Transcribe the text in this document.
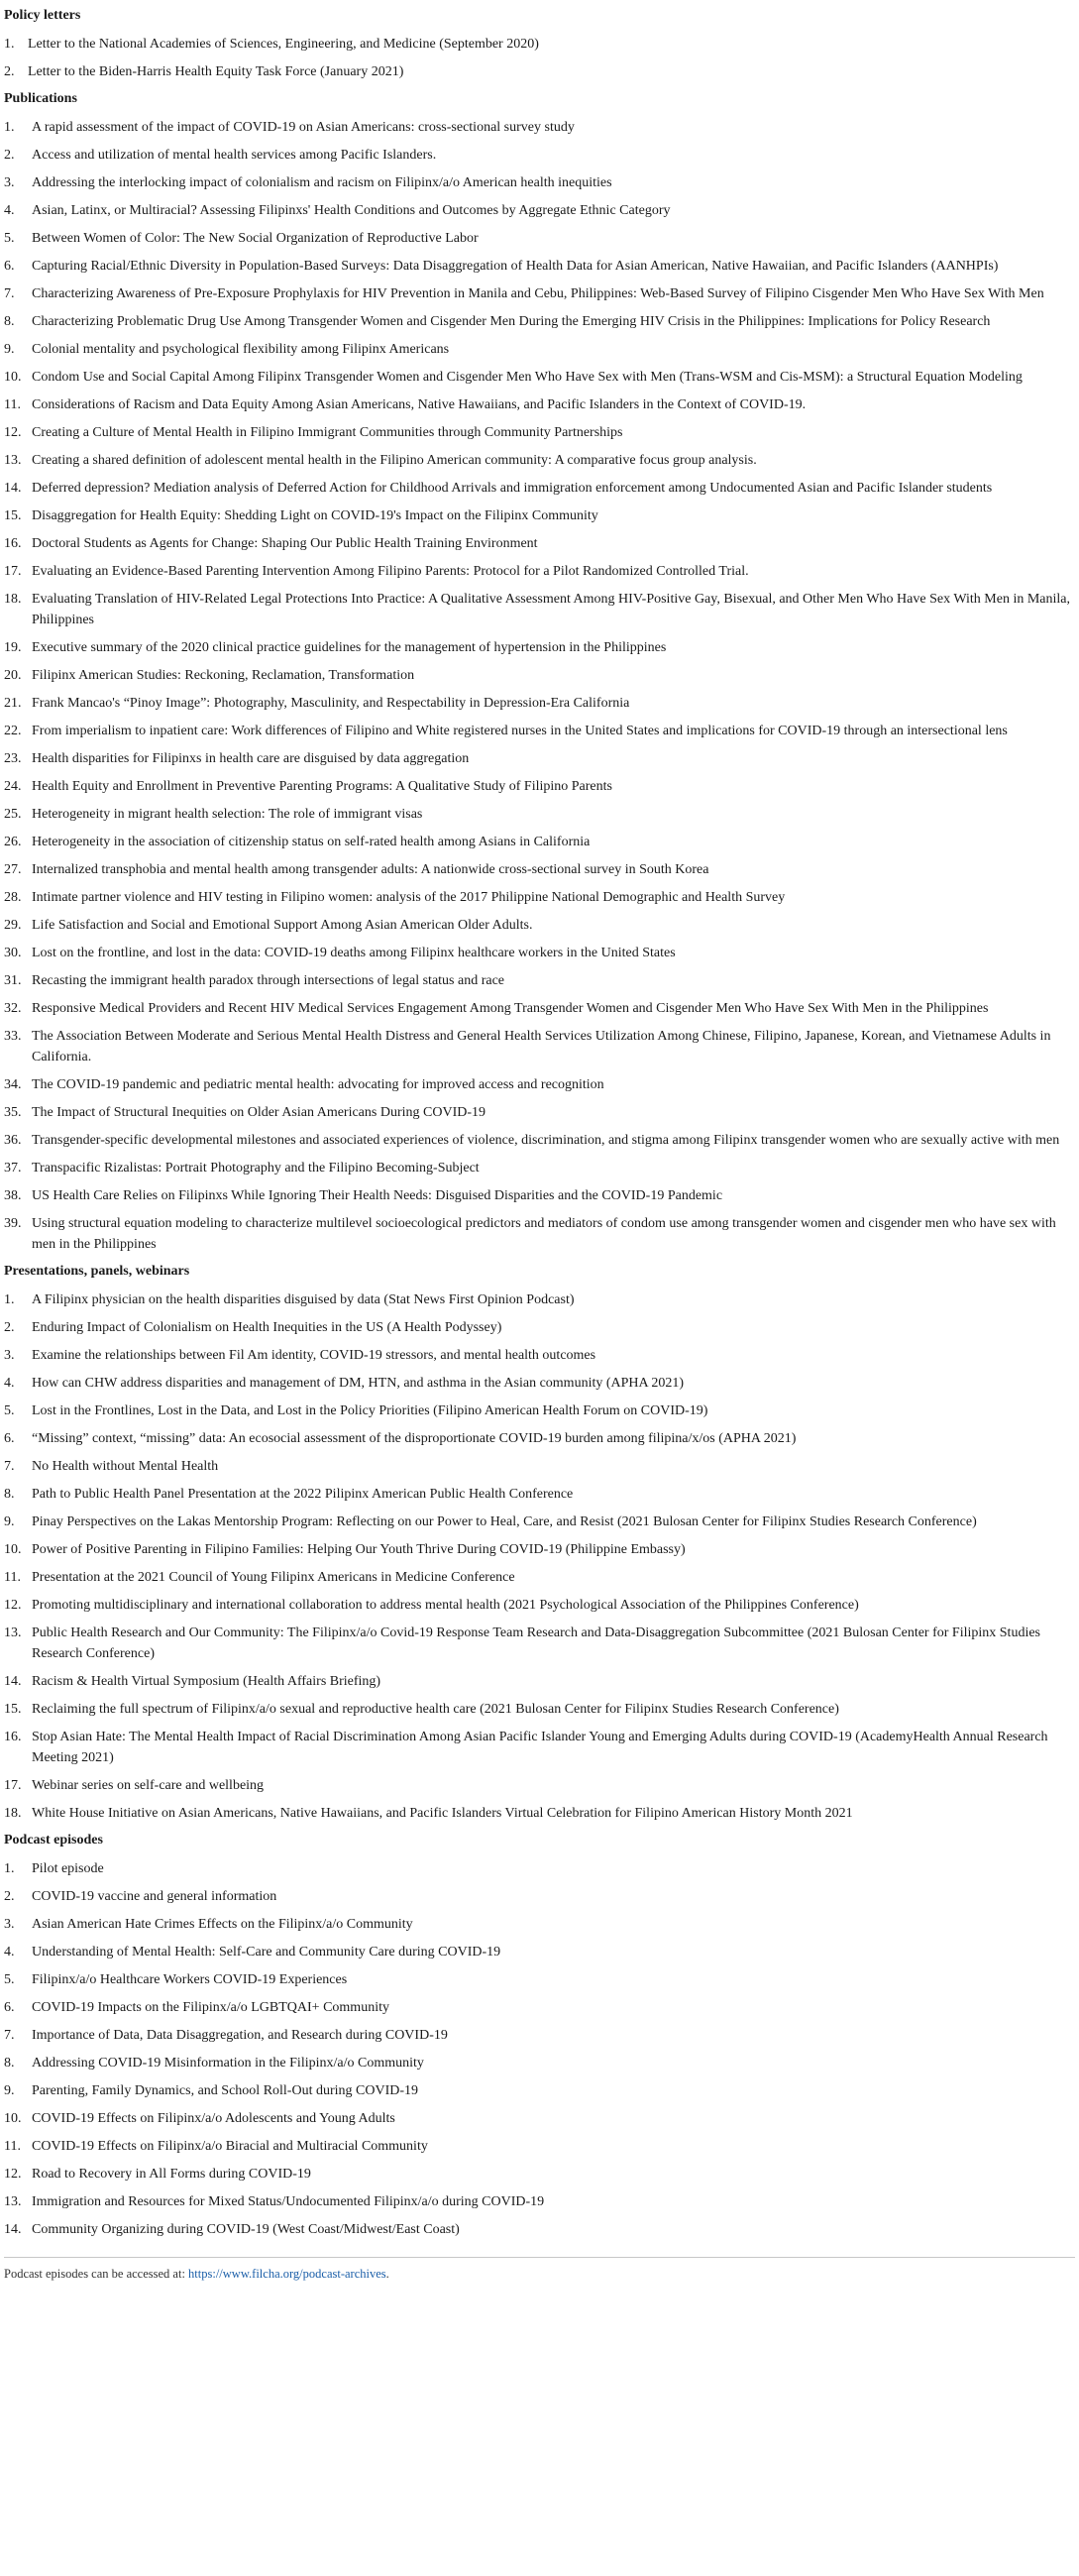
Policy letters
1. Letter to the National Academies of Sciences, Engineering, and Medicine (September 2020)
2. Letter to the Biden-Harris Health Equity Task Force (January 2021)
Publications
1.	A rapid assessment of the impact of COVID-19 on Asian Americans: cross-sectional survey study
2.	Access and utilization of mental health services among Pacific Islanders.
3.	Addressing the interlocking impact of colonialism and racism on Filipinx/a/o American health inequities
4.	Asian, Latinx, or Multiracial? Assessing Filipinxs' Health Conditions and Outcomes by Aggregate Ethnic Category
5.	Between Women of Color: The New Social Organization of Reproductive Labor
6.	Capturing Racial/Ethnic Diversity in Population-Based Surveys: Data Disaggregation of Health Data for Asian American, Native Hawaiian, and Pacific Islanders (AANHPIs)
7.	Characterizing Awareness of Pre-Exposure Prophylaxis for HIV Prevention in Manila and Cebu, Philippines: Web-Based Survey of Filipino Cisgender Men Who Have Sex With Men
8.	Characterizing Problematic Drug Use Among Transgender Women and Cisgender Men During the Emerging HIV Crisis in the Philippines: Implications for Policy Research
9.	Colonial mentality and psychological flexibility among Filipinx Americans
10. Condom Use and Social Capital Among Filipinx Transgender Women and Cisgender Men Who Have Sex with Men (Trans-WSM and Cis-MSM): a Structural Equation Modeling
11. Considerations of Racism and Data Equity Among Asian Americans, Native Hawaiians, and Pacific Islanders in the Context of COVID-19.
12. Creating a Culture of Mental Health in Filipino Immigrant Communities through Community Partnerships
13. Creating a shared definition of adolescent mental health in the Filipino American community: A comparative focus group analysis.
14. Deferred depression? Mediation analysis of Deferred Action for Childhood Arrivals and immigration enforcement among Undocumented Asian and Pacific Islander students
15. Disaggregation for Health Equity: Shedding Light on COVID-19's Impact on the Filipinx Community
16. Doctoral Students as Agents for Change: Shaping Our Public Health Training Environment
17. Evaluating an Evidence-Based Parenting Intervention Among Filipino Parents: Protocol for a Pilot Randomized Controlled Trial.
18. Evaluating Translation of HIV-Related Legal Protections Into Practice: A Qualitative Assessment Among HIV-Positive Gay, Bisexual, and Other Men Who Have Sex With Men in Manila, Philippines
19. Executive summary of the 2020 clinical practice guidelines for the management of hypertension in the Philippines
20. Filipinx American Studies: Reckoning, Reclamation, Transformation
21. Frank Mancao's “Pinoy Image”: Photography, Masculinity, and Respectability in Depression-Era California
22. From imperialism to inpatient care: Work differences of Filipino and White registered nurses in the United States and implications for COVID-19 through an intersectional lens
23. Health disparities for Filipinxs in health care are disguised by data aggregation
24. Health Equity and Enrollment in Preventive Parenting Programs: A Qualitative Study of Filipino Parents
25. Heterogeneity in migrant health selection: The role of immigrant visas
26. Heterogeneity in the association of citizenship status on self-rated health among Asians in California
27. Internalized transphobia and mental health among transgender adults: A nationwide cross-sectional survey in South Korea
28. Intimate partner violence and HIV testing in Filipino women: analysis of the 2017 Philippine National Demographic and Health Survey
29. Life Satisfaction and Social and Emotional Support Among Asian American Older Adults.
30. Lost on the frontline, and lost in the data: COVID-19 deaths among Filipinx healthcare workers in the United States
31. Recasting the immigrant health paradox through intersections of legal status and race
32. Responsive Medical Providers and Recent HIV Medical Services Engagement Among Transgender Women and Cisgender Men Who Have Sex With Men in the Philippines
33. The Association Between Moderate and Serious Mental Health Distress and General Health Services Utilization Among Chinese, Filipino, Japanese, Korean, and Vietnamese Adults in California.
34. The COVID-19 pandemic and pediatric mental health: advocating for improved access and recognition
35. The Impact of Structural Inequities on Older Asian Americans During COVID-19
36. Transgender-specific developmental milestones and associated experiences of violence, discrimination, and stigma among Filipinx transgender women who are sexually active with men
37. Transpacific Rizalistas: Portrait Photography and the Filipino Becoming-Subject
38. US Health Care Relies on Filipinxs While Ignoring Their Health Needs: Disguised Disparities and the COVID-19 Pandemic
39. Using structural equation modeling to characterize multilevel socioecological predictors and mediators of condom use among transgender women and cisgender men who have sex with men in the Philippines
Presentations, panels, webinars
1.	A Filipinx physician on the health disparities disguised by data (Stat News First Opinion Podcast)
2.	Enduring Impact of Colonialism on Health Inequities in the US (A Health Podyssey)
3.	Examine the relationships between Fil Am identity, COVID-19 stressors, and mental health outcomes
4.	How can CHW address disparities and management of DM, HTN, and asthma in the Asian community (APHA 2021)
5.	Lost in the Frontlines, Lost in the Data, and Lost in the Policy Priorities (Filipino American Health Forum on COVID-19)
6.	“Missing” context, “missing” data: An ecosocial assessment of the disproportionate COVID-19 burden among filipina/x/os (APHA 2021)
7.	No Health without Mental Health
8.	Path to Public Health Panel Presentation at the 2022 Pilipinx American Public Health Conference
9.	Pinay Perspectives on the Lakas Mentorship Program: Reflecting on our Power to Heal, Care, and Resist (2021 Bulosan Center for Filipinx Studies Research Conference)
10. Power of Positive Parenting in Filipino Families: Helping Our Youth Thrive During COVID-19 (Philippine Embassy)
11. Presentation at the 2021 Council of Young Filipinx Americans in Medicine Conference
12. Promoting multidisciplinary and international collaboration to address mental health (2021 Psychological Association of the Philippines Conference)
13. Public Health Research and Our Community: The Filipinx/a/o Covid-19 Response Team Research and Data-Disaggregation Subcommittee (2021 Bulosan Center for Filipinx Studies Research Conference)
14. Racism & Health Virtual Symposium (Health Affairs Briefing)
15. Reclaiming the full spectrum of Filipinx/a/o sexual and reproductive health care (2021 Bulosan Center for Filipinx Studies Research Conference)
16. Stop Asian Hate: The Mental Health Impact of Racial Discrimination Among Asian Pacific Islander Young and Emerging Adults during COVID-19 (AcademyHealth Annual Research Meeting 2021)
17. Webinar series on self-care and wellbeing
18. White House Initiative on Asian Americans, Native Hawaiians, and Pacific Islanders Virtual Celebration for Filipino American History Month 2021
Podcast episodes
1.	Pilot episode
2.	COVID-19 vaccine and general information
3.	Asian American Hate Crimes Effects on the Filipinx/a/o Community
4.	Understanding of Mental Health: Self-Care and Community Care during COVID-19
5.	Filipinx/a/o Healthcare Workers COVID-19 Experiences
6.	COVID-19 Impacts on the Filipinx/a/o LGBTQAI+ Community
7.	Importance of Data, Data Disaggregation, and Research during COVID-19
8.	Addressing COVID-19 Misinformation in the Filipinx/a/o Community
9.	Parenting, Family Dynamics, and School Roll-Out during COVID-19
10. COVID-19 Effects on Filipinx/a/o Adolescents and Young Adults
11. COVID-19 Effects on Filipinx/a/o Biracial and Multiracial Community
12. Road to Recovery in All Forms during COVID-19
13. Immigration and Resources for Mixed Status/Undocumented Filipinx/a/o during COVID-19
14. Community Organizing during COVID-19 (West Coast/Midwest/East Coast)
Podcast episodes can be accessed at: https://www.filcha.org/podcast-archives.
